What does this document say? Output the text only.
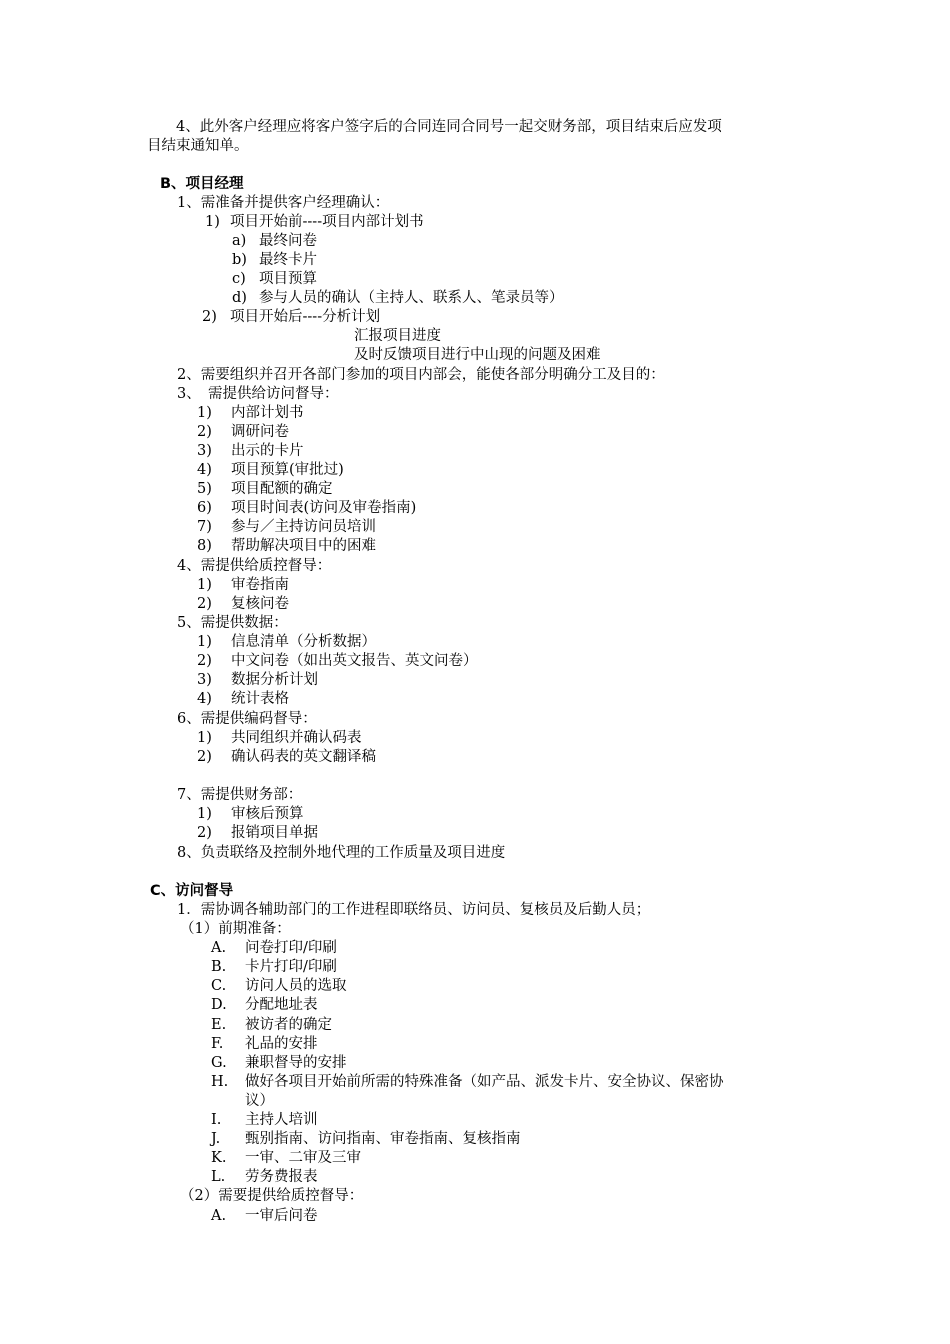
4、此外客户经理应将客户签字后的合同连同合同号一起交财务部，项目结束后应发项
目结束通知单。
B、项目经理
1、需准备并提供客户经理确认：
1) 项目开始前----项目内部计划书
a) 最终问卷
b) 最终卡片
c) 项目预算
d) 参与人员的确认（主持人、联系人、笔录员等）
2) 项目开始后----分析计划
汇报项目进度
及时反馈项目进行中山现的问题及困难
2、需要组织并召开各部门参加的项目内部会，能使各部分明确分工及目的：
3、　需提供给访问督导：
1) 内部计划书
2) 调研问卷
3) 出示的卡片
4) 项目预算(审批过)
5) 项目配额的确定
6) 项目时间表(访问及审卷指南)
7) 参与／主持访问员培训
8) 帮助解决项目中的困难
4、需提供给质控督导：
1) 审卷指南
2) 复核问卷
5、需提供数据：
1) 信息清单（分析数据）
2) 中文问卷（如出英文报告、英文问卷）
3) 数据分析计划
4) 统计表格
6、需提供编码督导：
1) 共同组织并确认码表
2) 确认码表的英文翻译稿
7、需提供财务部：
1) 审核后预算
2) 报销项目单据
8、负责联络及控制外地代理的工作质量及项目进度
C、访问督导
1．需协调各辅助部门的工作进程即联络员、访问员、复核员及后勤人员；
（1）前期准备：
A. 问卷打印/印刷
B. 卡片打印/印刷
C. 访问人员的选取
D. 分配地址表
E. 被访者的确定
F. 礼品的安排
G. 兼职督导的安排
H. 做好各项目开始前所需的特殊准备（如产品、派发卡片、安全协议、保密协
议）
I. 主持人培训
J. 甄别指南、访问指南、审卷指南、复核指南
K. 一审、二审及三审
L. 劳务费报表
（2）需要提供给质控督导：
A. 一审后问卷
